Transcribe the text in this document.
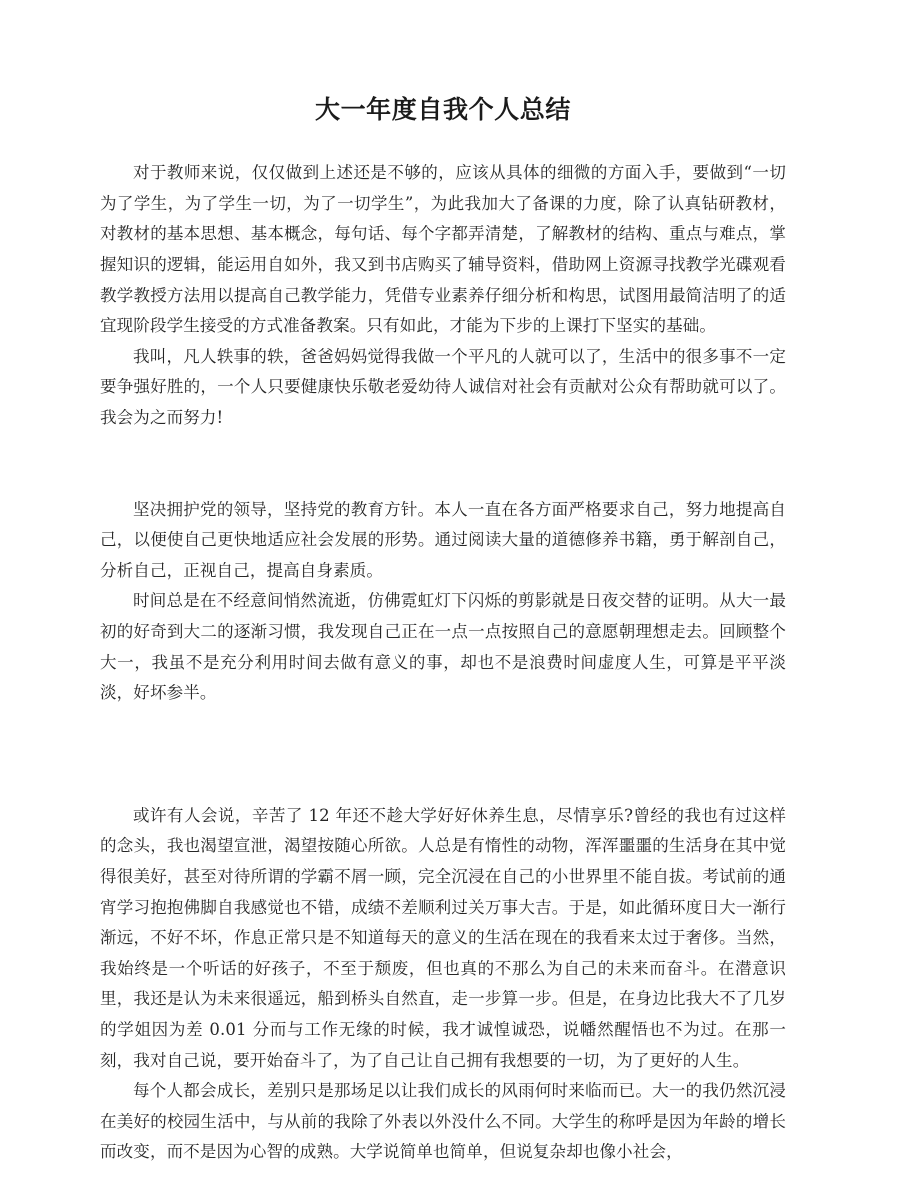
大一年度自我个人总结

对于教师来说，仅仅做到上述还是不够的，应该从具体的细微的方面入手，要做到“一切为了学生，为了学生一切，为了一切学生”，为此我加大了备课的力度，除了认真钻研教材，对教材的基本思想、基本概念，每句话、每个字都弄清楚，了解教材的结构、重点与难点，掌握知识的逻辑，能运用自如外，我又到书店购买了辅导资料，借助网上资源寻找教学光碟观看教学教授方法用以提高自己教学能力，凭借专业素养仔细分析和构思，试图用最简洁明了的适宜现阶段学生接受的方式准备教案。只有如此，才能为下步的上课打下坚实的基础。

我叫，凡人轶事的轶，爸爸妈妈觉得我做一个平凡的人就可以了，生活中的很多事不一定要争强好胜的，一个人只要健康快乐敬老爱幼待人诚信对社会有贡献对公众有帮助就可以了。我会为之而努力!

坚决拥护党的领导，坚持党的教育方针。本人一直在各方面严格要求自己，努力地提高自己，以便使自己更快地适应社会发展的形势。通过阅读大量的道德修养书籍，勇于解剖自己，分析自己，正视自己，提高自身素质。

时间总是在不经意间悄然流逝，仿佛霓虹灯下闪烁的剪影就是日夜交替的证明。从大一最初的好奇到大二的逐渐习惯，我发现自己正在一点一点按照自己的意愿朝理想走去。回顾整个大一，我虽不是充分利用时间去做有意义的事，却也不是浪费时间虚度人生，可算是平平淡淡，好坏参半。

或许有人会说，辛苦了 12 年还不趁大学好好休养生息，尽情享乐?曾经的我也有过这样的念头，我也渴望宣泄，渴望按随心所欲。人总是有惰性的动物，浑浑噩噩的生活身在其中觉得很美好，甚至对待所谓的学霸不屑一顾，完全沉浸在自己的小世界里不能自拔。考试前的通宵学习抱抱佛脚自我感觉也不错，成绩不差顺利过关万事大吉。于是，如此循环度日大一渐行渐远，不好不坏，作息正常只是不知道每天的意义的生活在现在的我看来太过于奢侈。当然，我始终是一个听话的好孩子，不至于颓废，但也真的不那么为自己的未来而奋斗。在潜意识里，我还是认为未来很遥远，船到桥头自然直，走一步算一步。但是，在身边比我大不了几岁的学姐因为差 0.01 分而与工作无缘的时候，我才诚惶诚恐，说幡然醒悟也不为过。在那一刻，我对自己说，要开始奋斗了，为了自己让自己拥有我想要的一切，为了更好的人生。

每个人都会成长，差别只是那场足以让我们成长的风雨何时来临而已。大一的我仍然沉浸在美好的校园生活中，与从前的我除了外表以外没什么不同。大学生的称呼是因为年龄的增长而改变，而不是因为心智的成熟。大学说简单也简单，但说复杂却也像小社会，
